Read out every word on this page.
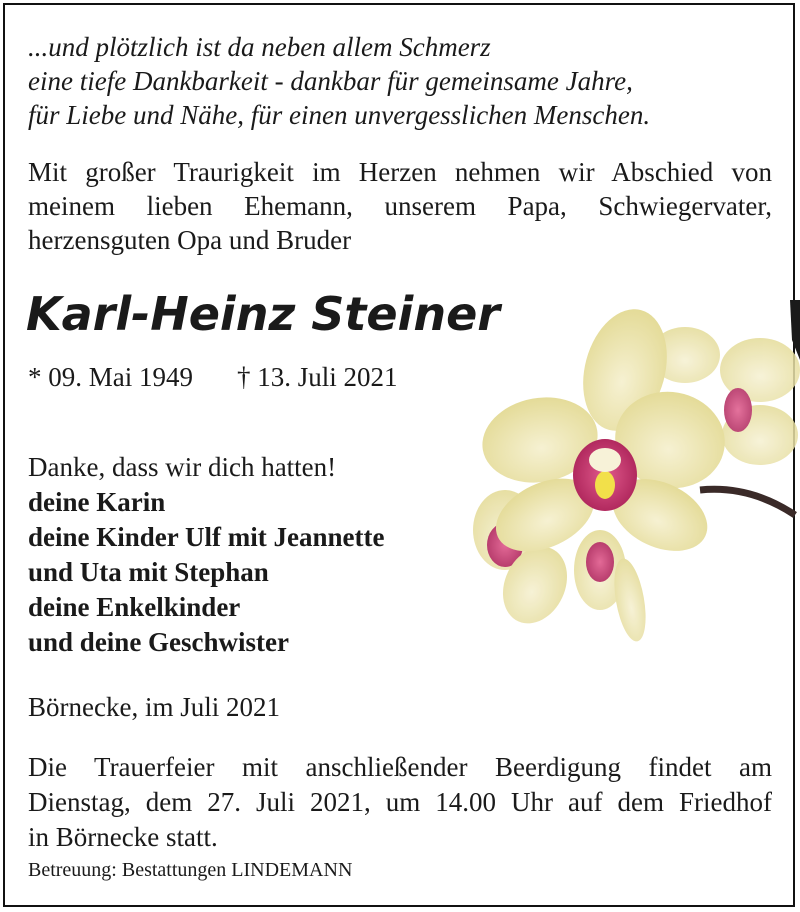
...und plötzlich ist da neben allem Schmerz
eine tiefe Dankbarkeit - dankbar für gemeinsame Jahre,
für Liebe und Nähe, für einen unvergesslichen Menschen.
Mit großer Traurigkeit im Herzen nehmen wir Abschied von
meinem lieben Ehemann, unserem Papa, Schwiegervater,
herzensguten Opa und Bruder
Karl-Heinz Steiner
* 09. Mai 1949 † 13. Juli 2021
Danke, dass wir dich hatten!
deine Karin
deine Kinder Ulf mit Jeannette
und Uta mit Stephan
deine Enkelkinder
und deine Geschwister
Börnecke, im Juli 2021
Die Trauerfeier mit anschließender Beerdigung findet am
Dienstag, dem 27. Juli 2021, um 14.00 Uhr auf dem Friedhof
in Börnecke statt.
Betreuung: Bestattungen LINDEMANN
